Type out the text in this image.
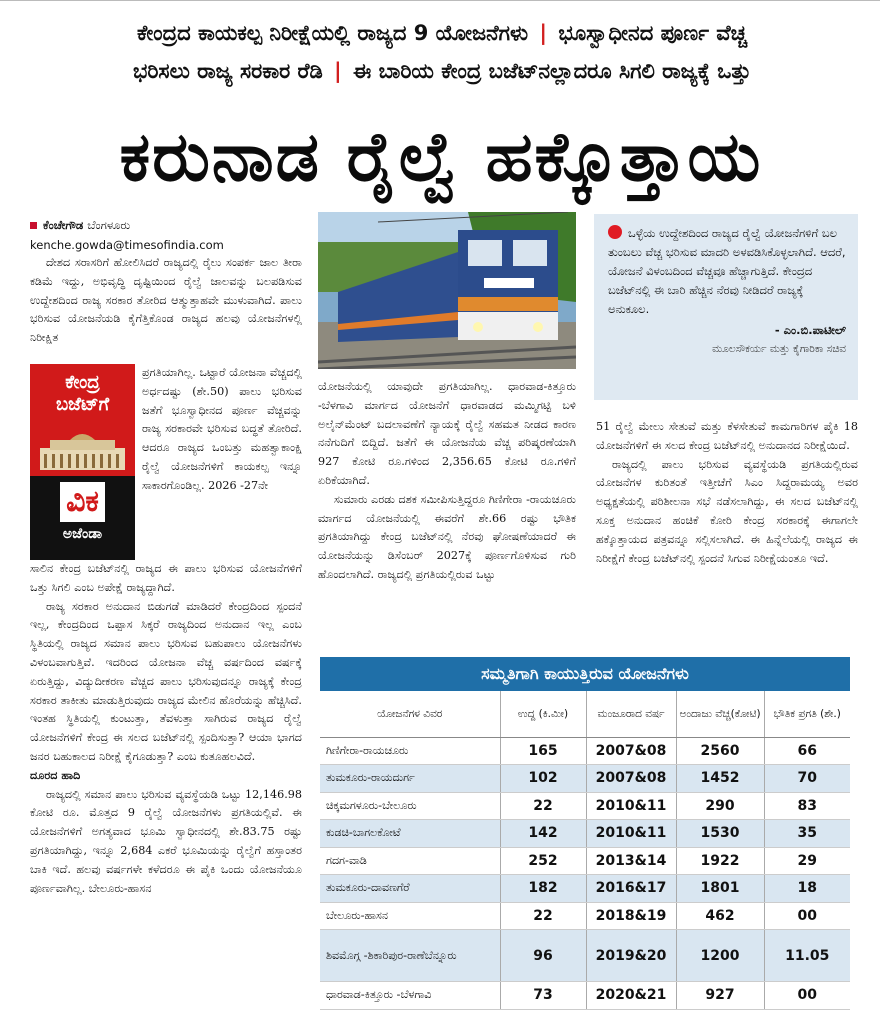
ಕೇಂದ್ರದ ಕಾಯಕಲ್ಪ ನಿರೀಕ್ಷೆಯಲ್ಲಿ ರಾಜ್ಯದ 9 ಯೋಜನೆಗಳು | ಭೂಸ್ವಾಧೀನದ ಪೂರ್ಣ ವೆಚ್ಚ
ಭರಿಸಲು ರಾಜ್ಯ ಸರಕಾರ ರೆಡಿ | ಈ ಬಾರಿಯ ಕೇಂದ್ರ ಬಜೆಟ್‌ನಲ್ಲಾದರೂ ಸಿಗಲಿ ರಾಜ್ಯಕ್ಕೆ ಒತ್ತು
ಕರುನಾಡ ರೈಲ್ವೆ ಹಕ್ಕೊತ್ತಾಯ
ಕೆಂಚೇಗೌಡ ಬೆಂಗಳೂರು
kenche.gowda@timesofindia.com

ದೇಶದ ಸರಾಸರಿಗೆ ಹೋಲಿಸಿದರೆ ರಾಜ್ಯದಲ್ಲಿ ರೈಲು ಸಂಪರ್ಕ ಜಾಲ ತೀರಾ ಕಡಿಮೆ ಇದ್ದು, ಅಭಿವೃದ್ಧಿ ದೃಷ್ಟಿಯಿಂದ ರೈಲ್ವೆ ಜಾಲವನ್ನು ಬಲಪಡಿಸುವ ಉದ್ದೇಶದಿಂದ ರಾಜ್ಯ ಸರಕಾರ ತೋರಿದ ಆತ್ಮುತ್ತಾಹವೇ ಮುಳುವಾಗಿದೆ. ಪಾಲು ಭರಿಸುವ ಯೋಜನೆಯಡಿ ಕೈಗೆತ್ತಿಕೊಂಡ ರಾಜ್ಯದ ಹಲವು ಯೋಜನೆಗಳಲ್ಲಿ ನಿರೀಕ್ಷಿತ

ಕೇಂದ್ರ
ಬಜೆಟ್‌ಗೆ
ವಿಕ
ಅಜೆಂಡಾ

ಪ್ರಗತಿಯಾಗಿಲ್ಲ. ಒಟ್ಟಾರೆ ಯೋಜನಾ ವೆಚ್ಚದಲ್ಲಿ ಅರ್ಧದಷ್ಟು (ಶೇ.50) ಪಾಲು ಭರಿಸುವ ಜತೆಗೆ ಭೂಸ್ವಾಧೀನದ ಪೂರ್ಣ ವೆಚ್ಚವನ್ನು ರಾಜ್ಯ ಸರಕಾರವೇ ಭರಿಸುವ ಬದ್ಧತೆ ತೋರಿದೆ. ಆದರೂ ರಾಜ್ಯದ ಒಂಬತ್ತು ಮಹತ್ವಾಕಾಂಕ್ಷಿ ರೈಲ್ವೆ ಯೋಜನೆಗಳಿಗೆ ಕಾಯಕಲ್ಪ ಇನ್ನೂ ಸಾಕಾರಗೊಂಡಿಲ್ಲ. 2026 -27ನೇ

ಸಾಲಿನ ಕೇಂದ್ರ ಬಜೆಟ್‌ನಲ್ಲಿ ರಾಜ್ಯದ ಈ ಪಾಲು ಭರಿಸುವ ಯೋಜನೆಗಳಿಗೆ ಒತ್ತು ಸಿಗಲಿ ಎಂಬ ಅಪೇಕ್ಷೆ ರಾಜ್ಯದ್ದಾಗಿದೆ.

ರಾಜ್ಯ ಸರಕಾರ ಅನುದಾನ ಬಿಡುಗಡೆ ಮಾಡಿದರೆ ಕೇಂದ್ರದಿಂದ ಸ್ಪಂದನೆ ಇಲ್ಲ, ಕೇಂದ್ರದಿಂದ ಒಪ್ಪಾಸ ಸಿಕ್ಕರೆ ರಾಜ್ಯದಿಂದ ಅನುದಾನ ಇಲ್ಲ ಎಂಬ ಸ್ಥಿತಿಯಲ್ಲಿ ರಾಜ್ಯದ ಸಮಾನ ಪಾಲು ಭರಿಸುವ ಬಹುಪಾಲು ಯೋಜನೆಗಳು ವಿಳಂಬವಾಗುತ್ತಿವೆ. ಇದರಿಂದ ಯೋಜನಾ ವೆಚ್ಚ ವರ್ಷದಿಂದ ವರ್ಷಕ್ಕೆ ಏರುತ್ತಿದ್ದು, ವಿದ್ಯುದೀಕರಣ ವೆಚ್ಚದ ಪಾಲು ಭರಿಸುವುದನ್ನೂ ರಾಜ್ಯಕ್ಕೆ ಕೇಂದ್ರ ಸರಕಾರ ತಾಕೀತು ಮಾಡುತ್ತಿರುವುದು ರಾಜ್ಯದ ಮೇಲಿನ ಹೊರೆಯನ್ನು ಹೆಚ್ಚಿಸಿದೆ. ಇಂತಹ ಸ್ಥಿತಿಯಲ್ಲಿ ಕುಂಟುತ್ತಾ, ತೆವಳುತ್ತಾ ಸಾಗಿರುವ ರಾಜ್ಯದ ರೈಲ್ವೆ ಯೋಜನೆಗಳಿಗೆ ಕೇಂದ್ರ ಈ ಸಲದ ಬಜೆಟ್‌ನಲ್ಲಿ ಸ್ಪಂದಿಸುತ್ತಾ? ಆಯಾ ಭಾಗದ ಜನರ ಬಹುಕಾಲದ ನಿರೀಕ್ಷೆ ಕೈಗೂಡುತ್ತಾ? ಎಂಬ ಕುತೂಹಲವಿದೆ.

ದೂರದ ಹಾದಿ

ರಾಜ್ಯದಲ್ಲಿ ಸಮಾನ ಪಾಲು ಭರಿಸುವ ವ್ಯವಸ್ಥೆಯಡಿ ಒಟ್ಟು 12,146.98 ಕೋಟಿ ರೂ. ಮೊತ್ತದ 9 ರೈಲ್ವೆ ಯೋಜನೆಗಳು ಪ್ರಗತಿಯಲ್ಲಿವೆ. ಈ ಯೋಜನೆಗಳಿಗೆ ಅಗತ್ಯವಾದ ಭೂಮಿ ಸ್ವಾಧೀನದಲ್ಲಿ ಶೇ.83.75 ರಷ್ಟು ಪ್ರಗತಿಯಾಗಿದ್ದು, ಇನ್ನೂ 2,684 ಎಕರೆ ಭೂಮಿಯನ್ನು ರೈಲ್ವೆಗೆ ಹಸ್ತಾಂತರ ಬಾಕಿ ಇದೆ. ಹಲವು ವರ್ಷಗಳೇ ಕಳೆದರೂ ಈ ಪೈಕಿ ಒಂದು ಯೋಜನೆಯೂ ಪೂರ್ಣವಾಗಿಲ್ಲ. ಬೇಲೂರು-ಹಾಸನ

ಯೋಜನೆಯಲ್ಲಿ ಯಾವುದೇ ಪ್ರಗತಿಯಾಗಿಲ್ಲ. ಧಾರವಾಡ-ಕಿತ್ತೂರು -ಬೆಳಗಾವಿ ಮಾರ್ಗದ ಯೋಜನೆಗೆ ಧಾರವಾಡದ ಮಮ್ಮಿಗಟ್ಟಿ ಬಳಿ ಅಲೈನ್‌ಮೆಂಟ್ ಬದಲಾವಣೆಗೆ ನ್ಯಾಯಕ್ಕೆ ರೈಲ್ವೆ ಸಹಮತ ನೀಡದ ಕಾರಣ ನನೆಗುದಿಗೆ ಬಿದ್ದಿದೆ. ಜತೆಗೆ ಈ ಯೋಜನೆಯ ವೆಚ್ಚ ಪರಿಷ್ಕರಣೆಯಾಗಿ 927 ಕೋಟಿ ರೂ.ಗಳಿಂದ 2,356.65 ಕೋಟಿ ರೂ.ಗಳಿಗೆ ಏರಿಕೆಯಾಗಿದೆ.

ಸುಮಾರು ಎರಡು ದಶಕ ಸಮೀಪಿಸುತ್ತಿದ್ದರೂ ಗಿಣಿಗೇರಾ -ರಾಯಚೂರು ಮಾರ್ಗದ ಯೋಜನೆಯಲ್ಲಿ ಈವರೆಗೆ ಶೇ.66 ರಷ್ಟು ಭೌತಿಕ ಪ್ರಗತಿಯಾಗಿದ್ದು ಕೇಂದ್ರ ಬಜೆಟ್‌ನಲ್ಲಿ ನೆರವು ಘೋಷಣೆಯಾದರೆ ಈ ಯೋಜನೆಯನ್ನು ಡಿಸೆಂಬರ್ 2027ಕ್ಕೆ ಪೂರ್ಣಗೊಳಿಸುವ ಗುರಿ ಹೊಂದಲಾಗಿದೆ. ರಾಜ್ಯದಲ್ಲಿ ಪ್ರಗತಿಯಲ್ಲಿರುವ ಒಟ್ಟು

ಒಳ್ಳೆಯ ಉದ್ದೇಶದಿಂದ ರಾಜ್ಯದ ರೈಲ್ವೆ ಯೋಜನೆಗಳಿಗೆ ಬಲ ತುಂಬಲು ವೆಚ್ಚ ಭರಿಸುವ ಮಾದರಿ ಅಳವಡಿಸಿಕೊಳ್ಳಲಾಗಿದೆ. ಆದರೆ, ಯೋಜನೆ ವಿಳಂಬದಿಂದ ವೆಚ್ಚವೂ ಹೆಚ್ಚಾಗುತ್ತಿದೆ. ಕೇಂದ್ರದ ಬಜೆಟ್‌ನಲ್ಲಿ ಈ ಬಾರಿ ಹೆಚ್ಚಿನ ನೆರವು ನೀಡಿದರೆ ರಾಜ್ಯಕ್ಕೆ ಅನುಕೂಲ.
- ಎಂ.ಬಿ.ಪಾಟೀಲ್
ಮೂಲಸೌಕರ್ಯ ಮತ್ತು ಕೈಗಾರಿಕಾ ಸಚಿವ

51 ರೈಲ್ವೆ ಮೇಲು ಸೇತುವೆ ಮತ್ತು ಕೆಳಸೇತುವೆ ಕಾಮಗಾರಿಗಳ ಪೈಕಿ 18 ಯೋಜನೆಗಳಿಗೆ ಈ ಸಲದ ಕೇಂದ್ರ ಬಜೆಟ್‌ನಲ್ಲಿ ಅನುದಾನದ ನಿರೀಕ್ಷೆಯಿದೆ.

ರಾಜ್ಯದಲ್ಲಿ ಪಾಲು ಭರಿಸುವ ವ್ಯವಸ್ಥೆಯಡಿ ಪ್ರಗತಿಯಲ್ಲಿರುವ ಯೋಜನೆಗಳ ಕುರಿತಂತೆ ಇತ್ತೀಚೆಗೆ ಸಿಎಂ ಸಿದ್ದರಾಮಯ್ಯ ಅವರ ಅಧ್ಯಕ್ಷತೆಯಲ್ಲಿ ಪರಿಶೀಲನಾ ಸಭೆ ನಡೆಸಲಾಗಿದ್ದು, ಈ ಸಲದ ಬಜೆಟ್‌ನಲ್ಲಿ ಸೂಕ್ತ ಅನುದಾನ ಹಂಚಿಕೆ ಕೋರಿ ಕೇಂದ್ರ ಸರಕಾರಕ್ಕೆ ಈಗಾಗಲೇ ಹಕ್ಕೊತ್ತಾಯದ ಪತ್ರವನ್ನೂ ಸಲ್ಲಿಸಲಾಗಿದೆ. ಈ ಹಿನ್ನೆಲೆಯಲ್ಲಿ ರಾಜ್ಯದ ಈ ನಿರೀಕ್ಷೆಗೆ ಕೇಂದ್ರ ಬಜೆಟ್‌ನಲ್ಲಿ ಸ್ಪಂದನೆ ಸಿಗುವ ನಿರೀಕ್ಷೆಯಂತೂ ಇದೆ.

ಸಮ್ಮತಿಗಾಗಿ ಕಾಯುತ್ತಿರುವ ಯೋಜನೆಗಳು
ಯೋಜನೆಗಳ ವಿವರ	ಉದ್ದ (ಕಿ.ಮೀ)	ಮಂಜೂರಾದ ವರ್ಷ	ಅಂದಾಜು ವೆಚ್ಚ(ಕೋಟಿ)	ಭೌತಿಕ ಪ್ರಗತಿ (ಶೇ.)
ಗಿಣಿಗೇರಾ-ರಾಯಚೂರು	165	2007&08	2560	66
ತುಮಕೂರು-ರಾಯದುರ್ಗ	102	2007&08	1452	70
ಚಿಕ್ಕಮಗಳೂರು-ಬೇಲೂರು	22	2010&11	290	83
ಕುಡಚಿ-ಬಾಗಲಕೋಟೆ	142	2010&11	1530	35
ಗದಗ-ವಾಡಿ	252	2013&14	1922	29
ತುಮಕೂರು-ದಾವಣಗೆರೆ	182	2016&17	1801	18
ಬೇಲೂರು-ಹಾಸನ	22	2018&19	462	00
ಶಿವಮೊಗ್ಗ -ಶಿಕಾರಿಪುರ-ರಾಣೆಬೆನ್ನೂರು	96	2019&20	1200	11.05
ಧಾರವಾಡ-ಕಿತ್ತೂರು -ಬೆಳಗಾವಿ	73	2020&21	927	00
